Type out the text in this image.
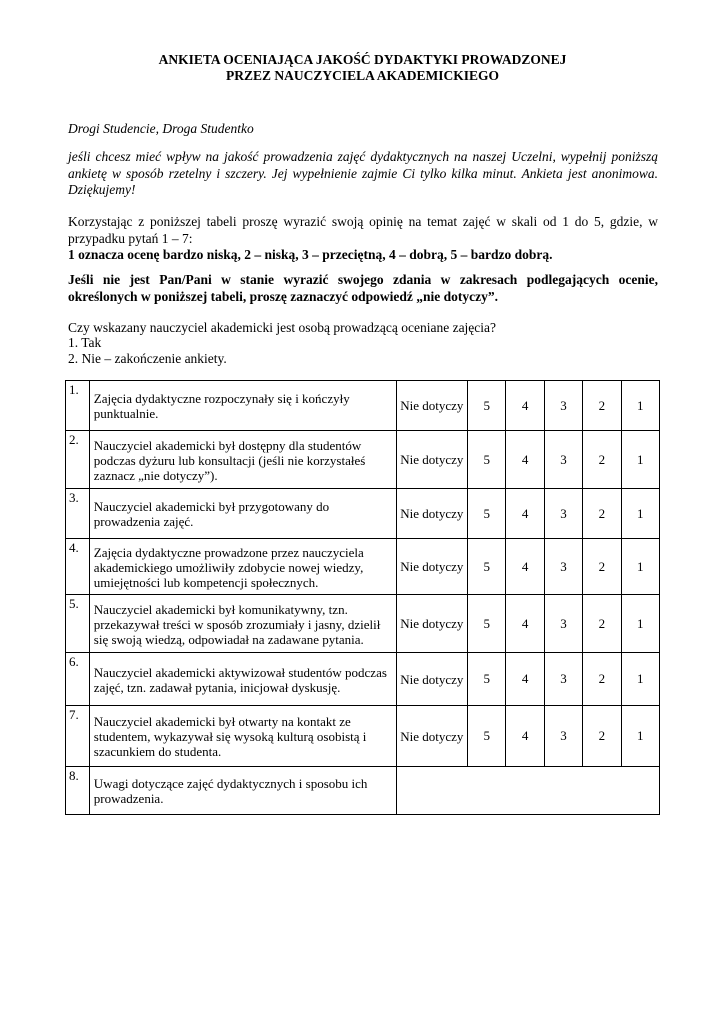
ANKIETA OCENIAJĄCA JAKOŚĆ DYDAKTYKI PROWADZONEJ
PRZEZ NAUCZYCIELA AKADEMICKIEGO
Drogi Studencie, Droga Studentko
jeśli chcesz mieć wpływ na jakość prowadzenia zajęć dydaktycznych na naszej Uczelni, wypełnij poniższą ankietę w sposób rzetelny i szczery. Jej wypełnienie zajmie Ci tylko kilka minut. Ankieta jest anonimowa. Dziękujemy!
Korzystając z poniższej tabeli proszę wyrazić swoją opinię na temat zajęć w skali od 1 do 5, gdzie, w przypadku pytań 1 – 7:
1 oznacza ocenę bardzo niską, 2 – niską, 3 – przeciętną, 4 – dobrą, 5 – bardzo dobrą.
Jeśli nie jest Pan/Pani w stanie wyrazić swojego zdania w zakresach podlegających ocenie, określonych w poniższej tabeli, proszę zaznaczyć odpowiedź „nie dotyczy”.
Czy wskazany nauczyciel akademicki jest osobą prowadzącą oceniane zajęcia?
1. Tak
2. Nie – zakończenie ankiety.
1.	Zajęcia dydaktyczne rozpoczynały się i kończyły punktualnie.	Nie dotyczy	5	4	3	2	1
2.	Nauczyciel akademicki był dostępny dla studentów podczas dyżuru lub konsultacji (jeśli nie korzystałeś zaznacz „nie dotyczy”).	Nie dotyczy	5	4	3	2	1
3.	Nauczyciel akademicki był przygotowany do prowadzenia zajęć.	Nie dotyczy	5	4	3	2	1
4.	Zajęcia dydaktyczne prowadzone przez nauczyciela akademickiego umożliwiły zdobycie nowej wiedzy, umiejętności lub kompetencji społecznych.	Nie dotyczy	5	4	3	2	1
5.	Nauczyciel akademicki był komunikatywny, tzn. przekazywał treści w sposób zrozumiały i jasny, dzielił się swoją wiedzą, odpowiadał na zadawane pytania.	Nie dotyczy	5	4	3	2	1
6.	Nauczyciel akademicki aktywizował studentów podczas zajęć, tzn. zadawał pytania, inicjował dyskusję.	Nie dotyczy	5	4	3	2	1
7.	Nauczyciel akademicki był otwarty na kontakt ze studentem, wykazywał się wysoką kulturą osobistą i szacunkiem do studenta.	Nie dotyczy	5	4	3	2	1
8.	Uwagi dotyczące zajęć dydaktycznych i sposobu ich prowadzenia.						
